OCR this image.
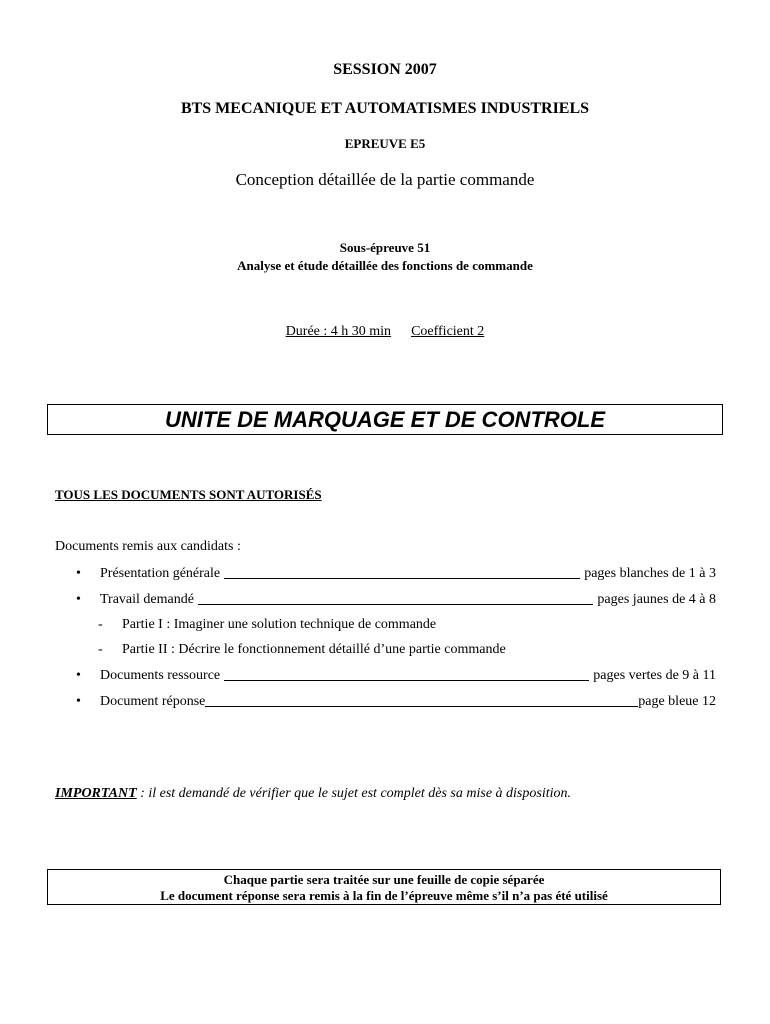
SESSION 2007
BTS MECANIQUE ET AUTOMATISMES INDUSTRIELS
EPREUVE E5
Conception détaillée de la partie commande
Sous-épreuve 51
Analyse et étude détaillée des fonctions de commande
Durée : 4 h 30 min Coefficient 2
UNITE DE MARQUAGE ET DE CONTROLE
TOUS LES DOCUMENTS SONT AUTORISÉS
Documents remis aux candidats :
•	Présentation générale	pages blanches de 1 à 3
•	Travail demandé	pages jaunes de 4 à 8
-	Partie I : Imaginer une solution technique de commande
-	Partie II : Décrire le fonctionnement détaillé d’une partie commande
•	Documents ressource	pages vertes de 9 à 11
•	Document réponse	page bleue 12
IMPORTANT : il est demandé de vérifier que le sujet est complet dès sa mise à disposition.
Chaque partie sera traitée sur une feuille de copie séparée
Le document réponse sera remis à la fin de l’épreuve même s’il n’a pas été utilisé
